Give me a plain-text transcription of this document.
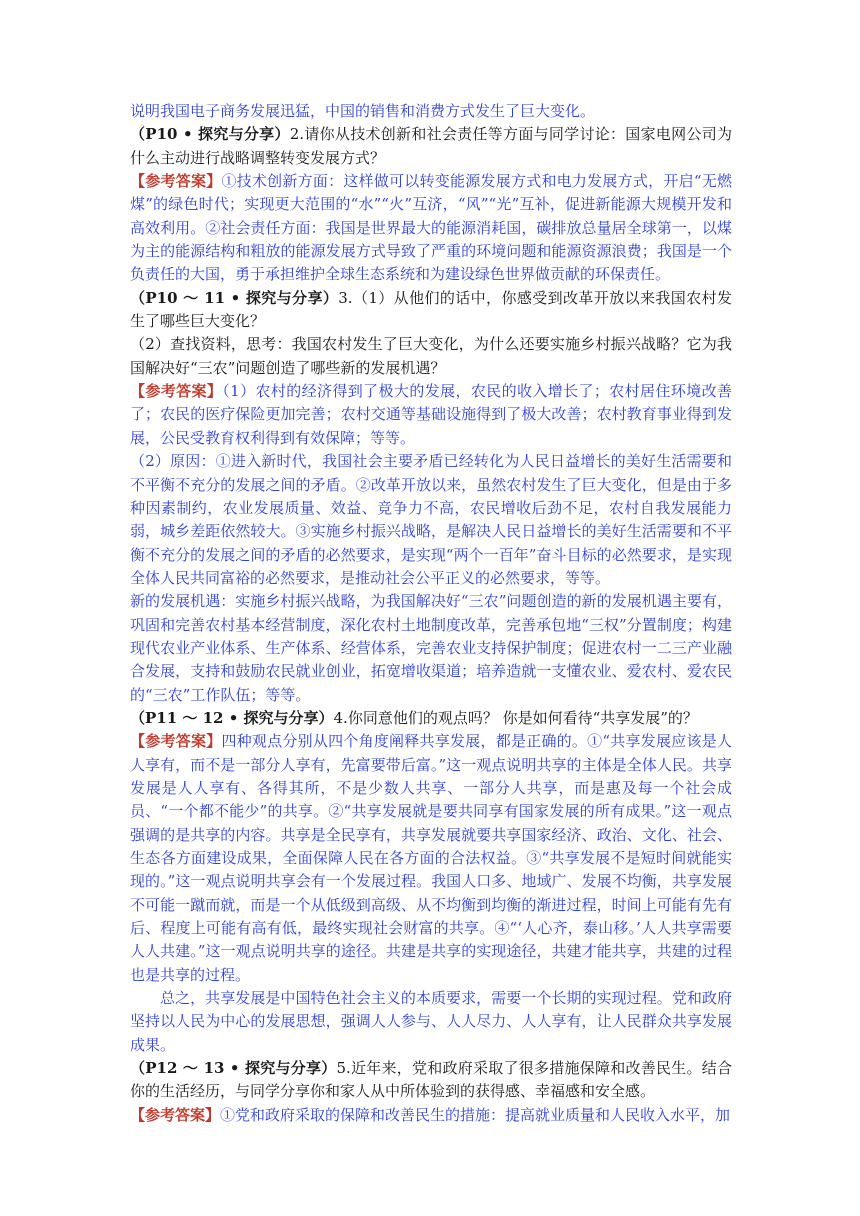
说明我国电子商务发展迅猛，中国的销售和消费方式发生了巨大变化。

（P10 • 探究与分享）2.请你从技术创新和社会责任等方面与同学讨论：国家电网公司为什么主动进行战略调整转变发展方式？

【参考答案】①技术创新方面：这样做可以转变能源发展方式和电力发展方式，开启“无燃煤”的绿色时代；实现更大范围的“水”“火”互济，“风”“光”互补，促进新能源大规模开发和高效利用。②社会责任方面：我国是世界最大的能源消耗国，碳排放总量居全球第一，以煤为主的能源结构和粗放的能源发展方式导致了严重的环境问题和能源资源浪费；我国是一个负责任的大国，勇于承担维护全球生态系统和为建设绿色世界做贡献的环保责任。

（P10 ～ 11 • 探究与分享）3.（1）从他们的话中，你感受到改革开放以来我国农村发生了哪些巨大变化？

（2）查找资料，思考：我国农村发生了巨大变化，为什么还要实施乡村振兴战略？它为我国解决好“三农”问题创造了哪些新的发展机遇？

【参考答案】（1）农村的经济得到了极大的发展，农民的收入增长了；农村居住环境改善了；农民的医疗保险更加完善；农村交通等基础设施得到了极大改善；农村教育事业得到发展，公民受教育权利得到有效保障；等等。

（2）原因：①进入新时代，我国社会主要矛盾已经转化为人民日益增长的美好生活需要和不平衡不充分的发展之间的矛盾。②改革开放以来，虽然农村发生了巨大变化，但是由于多种因素制约，农业发展质量、效益、竞争力不高，农民增收后劲不足，农村自我发展能力弱，城乡差距依然较大。③实施乡村振兴战略，是解决人民日益增长的美好生活需要和不平衡不充分的发展之间的矛盾的必然要求，是实现“两个一百年”奋斗目标的必然要求，是实现全体人民共同富裕的必然要求，是推动社会公平正义的必然要求，等等。

新的发展机遇：实施乡村振兴战略，为我国解决好“三农”问题创造的新的发展机遇主要有，巩固和完善农村基本经营制度，深化农村土地制度改革，完善承包地“三权”分置制度；构建现代农业产业体系、生产体系、经营体系，完善农业支持保护制度；促进农村一二三产业融合发展，支持和鼓励农民就业创业，拓宽增收渠道；培养造就一支懂农业、爱农村、爱农民的“三农”工作队伍；等等。

（P11 ～ 12 • 探究与分享）4.你同意他们的观点吗？ 你是如何看待“共享发展”的？

【参考答案】四种观点分别从四个角度阐释共享发展，都是正确的。①“共享发展应该是人人享有，而不是一部分人享有，先富要带后富。”这一观点说明共享的主体是全体人民。共享发展是人人享有、各得其所，不是少数人共享、一部分人共享，而是惠及每一个社会成员、“一个都不能少”的共享。②“共享发展就是要共同享有国家发展的所有成果。”这一观点强调的是共享的内容。共享是全民享有，共享发展就要共享国家经济、政治、文化、社会、生态各方面建设成果，全面保障人民在各方面的合法权益。③“共享发展不是短时间就能实现的。”这一观点说明共享会有一个发展过程。我国人口多、地域广、发展不均衡，共享发展不可能一蹴而就，而是一个从低级到高级、从不均衡到均衡的渐进过程，时间上可能有先有后、程度上可能有高有低，最终实现社会财富的共享。④“‘人心齐，泰山移。’人人共享需要人人共建。”这一观点说明共享的途径。共建是共享的实现途径，共建才能共享，共建的过程也是共享的过程。

总之，共享发展是中国特色社会主义的本质要求，需要一个长期的实现过程。党和政府坚持以人民为中心的发展思想，强调人人参与、人人尽力、人人享有，让人民群众共享发展成果。

（P12 ～ 13 • 探究与分享）5.近年来，党和政府采取了很多措施保障和改善民生。结合你的生活经历，与同学分享你和家人从中所体验到的获得感、幸福感和安全感。

【参考答案】①党和政府采取的保障和改善民生的措施：提高就业质量和人民收入水平，加
